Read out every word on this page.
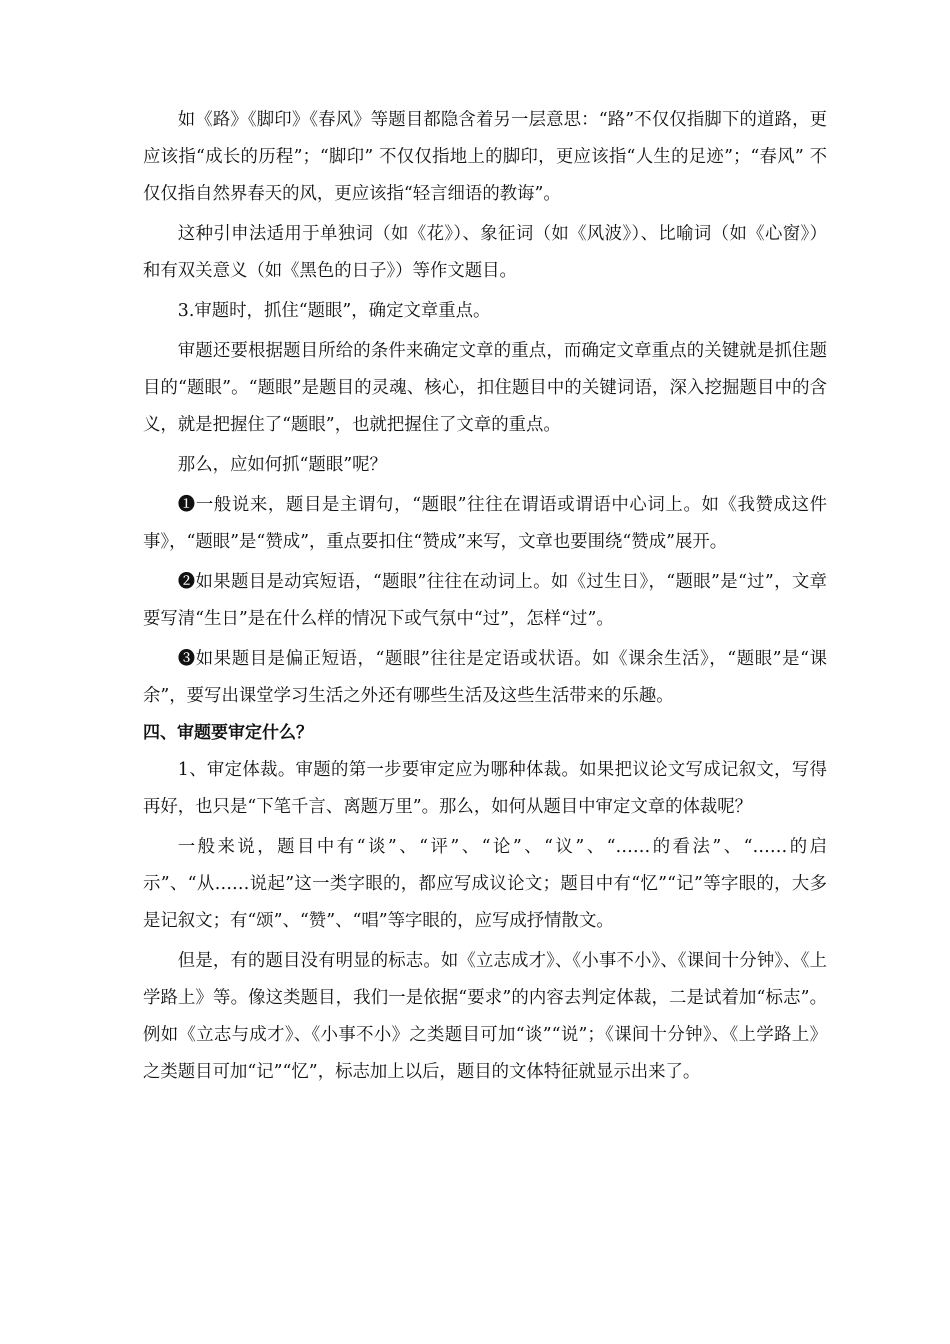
如《路》《脚印》《春风》等题目都隐含着另一层意思：“路”不仅仅指脚下的道路，更应该指“成长的历程”；“脚印” 不仅仅指地上的脚印，更应该指“人生的足迹”；“春风” 不仅仅指自然界春天的风，更应该指“轻言细语的教诲”。

这种引申法适用于单独词（如《花》）、象征词（如《风波》）、比喻词（如《心窗》）和有双关意义（如《黑色的日子》）等作文题目。

3.审题时，抓住“题眼”，确定文章重点。

审题还要根据题目所给的条件来确定文章的重点，而确定文章重点的关键就是抓住题目的“题眼”。“题眼”是题目的灵魂、核心，扣住题目中的关键词语，深入挖掘题目中的含义，就是把握住了“题眼”，也就把握住了文章的重点。

那么，应如何抓“题眼”呢？

❶一般说来，题目是主谓句，“题眼”往往在谓语或谓语中心词上。如《我赞成这件事》，“题眼”是“赞成”，重点要扣住“赞成”来写，文章也要围绕“赞成”展开。

❷如果题目是动宾短语，“题眼”往往在动词上。如《过生日》，“题眼”是“过”，文章要写清“生日”是在什么样的情况下或气氛中“过”，怎样“过”。

❸如果题目是偏正短语，“题眼”往往是定语或状语。如《课余生活》，“题眼”是“课余”，要写出课堂学习生活之外还有哪些生活及这些生活带来的乐趣。

四、审题要审定什么？

1、审定体裁。审题的第一步要审定应为哪种体裁。如果把议论文写成记叙文，写得再好，也只是“下笔千言、离题万里”。那么，如何从题目中审定文章的体裁呢？

一般来说，题目中有“谈”、“评”、“论”、“议”、“……的看法”、“……的启示”、“从……说起”这一类字眼的，都应写成议论文；题目中有“忆”“记”等字眼的，大多是记叙文；有“颂”、“赞”、“唱”等字眼的，应写成抒情散文。

但是，有的题目没有明显的标志。如《立志成才》、《小事不小》、《课间十分钟》、《上学路上》等。像这类题目，我们一是依据“要求”的内容去判定体裁，二是试着加“标志”。例如《立志与成才》、《小事不小》之类题目可加“谈”“说”；《课间十分钟》、《上学路上》之类题目可加“记”“忆”，标志加上以后，题目的文体特征就显示出来了。
